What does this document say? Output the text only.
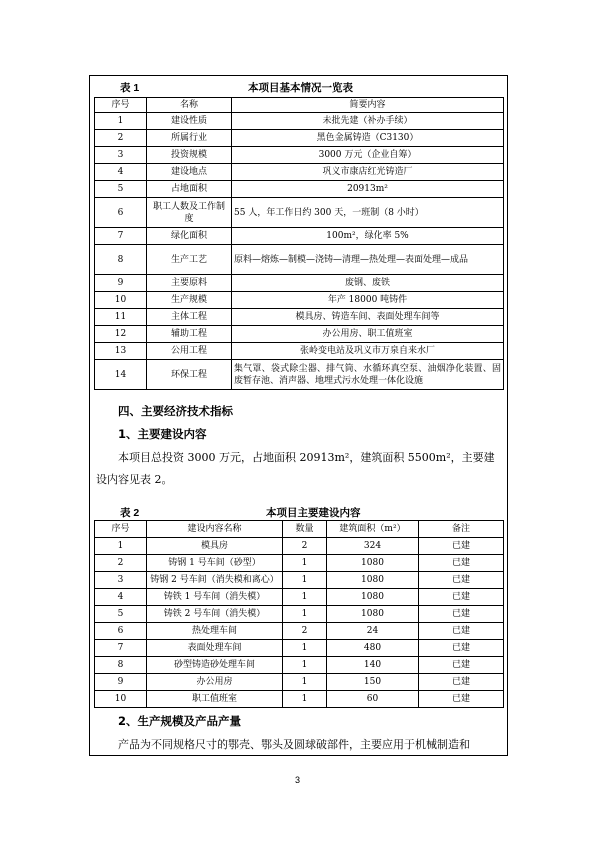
表 1	本项目基本情况一览表
序号	名称	简要内容
1	建设性质	未批先建（补办手续）
2	所属行业	黑色金属铸造（C3130）
3	投资规模	3000 万元（企业自筹）
4	建设地点	巩义市康店红光铸造厂
5	占地面积	20913m²
6	职工人数及工作制度	55 人，年工作日约 300 天，一班制（8 小时）
7	绿化面积	100m²，绿化率 5%
8	生产工艺	原料—熔炼—制模—浇铸—清理—热处理—表面处理—成品
9	主要原料	废钢、废铁
10	生产规模	年产 18000 吨铸件
11	主体工程	模具房、铸造车间、表面处理车间等
12	辅助工程	办公用房、职工值班室
13	公用工程	张岭变电站及巩义市万泉自来水厂
14	环保工程	集气罩、袋式除尘器、排气筒、水循环真空泵、油烟净化装置、固废暂存池、消声器、地埋式污水处理一体化设施
四、主要经济技术指标
1、主要建设内容
本项目总投资 3000 万元，占地面积 20913m²，建筑面积 5500m²，主要建
设内容见表 2。
表 2	本项目主要建设内容
序号	建设内容名称	数量	建筑面积（m²）	备注
1	模具房	2	324	已建
2	铸钢 1 号车间（砂型）	1	1080	已建
3	铸钢 2 号车间（消失模和离心）	1	1080	已建
4	铸铁 1 号车间（消失模）	1	1080	已建
5	铸铁 2 号车间（消失模）	1	1080	已建
6	热处理车间	2	24	已建
7	表面处理车间	1	480	已建
8	砂型铸造砂处理车间	1	140	已建
9	办公用房	1	150	已建
10	职工值班室	1	60	已建
2、生产规模及产品产量
产品为不同规格尺寸的鄂壳、鄂头及圆球破部件，主要应用于机械制造和
3
